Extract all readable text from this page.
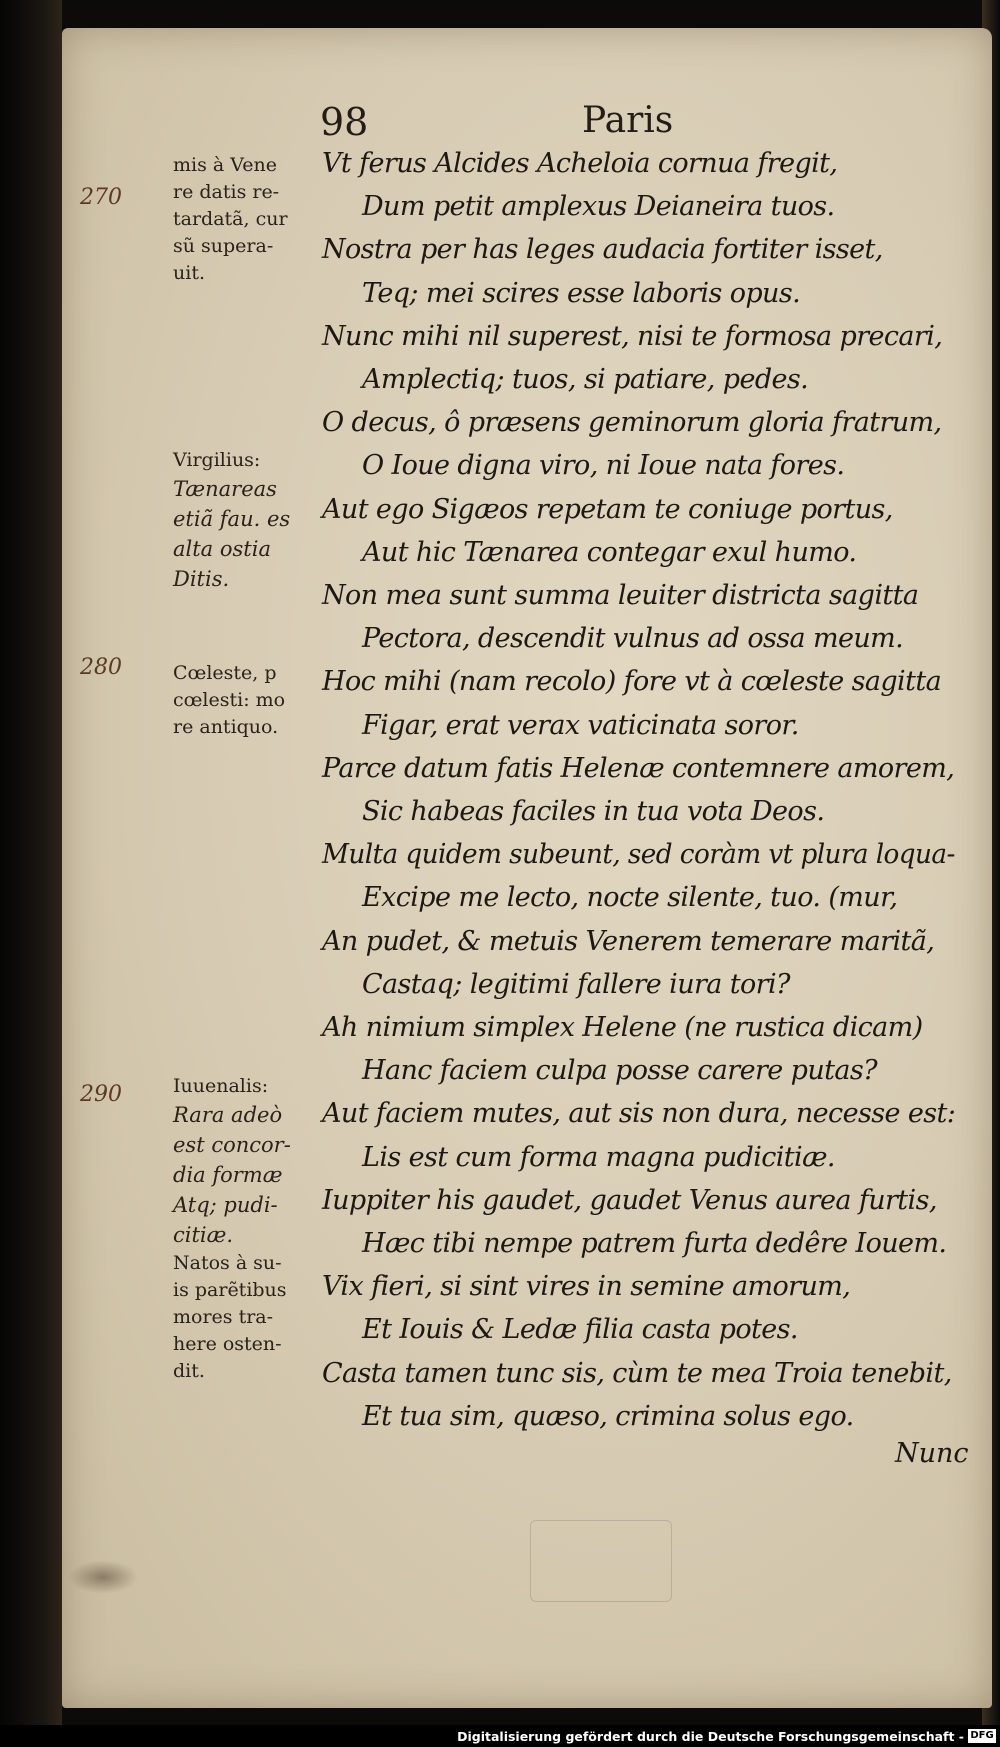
98	Paris
270
280
290
mis à Vene
re datis re-
tardatã, cur
sũ supera-
uit.
Virgilius:
Tænareas
etiã fau. es
alta ostia
Ditis.
Cœleste, p
cœlesti: mo
re antiquo.
Iuuenalis:
Rara adeò
est concor-
dia formæ
Atq; pudi-
citiæ.
Natos à su-
is parẽtibus
mores tra-
here osten-
dit.
Vt ferus Alcides Acheloia cornua fregit,
Dum petit amplexus Deianeira tuos.
Nostra per has leges audacia fortiter isset,
Teq; mei scires esse laboris opus.
Nunc mihi nil superest, nisi te formosa precari,
Amplectiq; tuos, si patiare, pedes.
O decus, ô præsens geminorum gloria fratrum,
O Ioue digna viro, ni Ioue nata fores.
Aut ego Sigæos repetam te coniuge portus,
Aut hic Tænarea contegar exul humo.
Non mea sunt summa leuiter districta sagitta
Pectora, descendit vulnus ad ossa meum.
Hoc mihi (nam recolo) fore vt à cœleste sagitta
Figar, erat verax vaticinata soror.
Parce datum fatis Helenæ contemnere amorem,
Sic habeas faciles in tua vota Deos.
Multa quidem subeunt, sed coràm vt plura loqua-
Excipe me lecto, nocte silente, tuo. (mur,
An pudet, & metuis Venerem temerare maritã,
Castaq; legitimi fallere iura tori?
Ah nimium simplex Helene (ne rustica dicam)
Hanc faciem culpa posse carere putas?
Aut faciem mutes, aut sis non dura, necesse est:
Lis est cum forma magna pudicitiæ.
Iuppiter his gaudet, gaudet Venus aurea furtis,
Hæc tibi nempe patrem furta dedêre Iouem.
Vix fieri, si sint vires in semine amorum,
Et Iouis & Ledæ filia casta potes.
Casta tamen tunc sis, cùm te mea Troia tenebit,
Et tua sim, quæso, crimina solus ego.
Nunc
Digitalisierung gefördert durch die Deutsche Forschungsgemeinschaft - DFG
